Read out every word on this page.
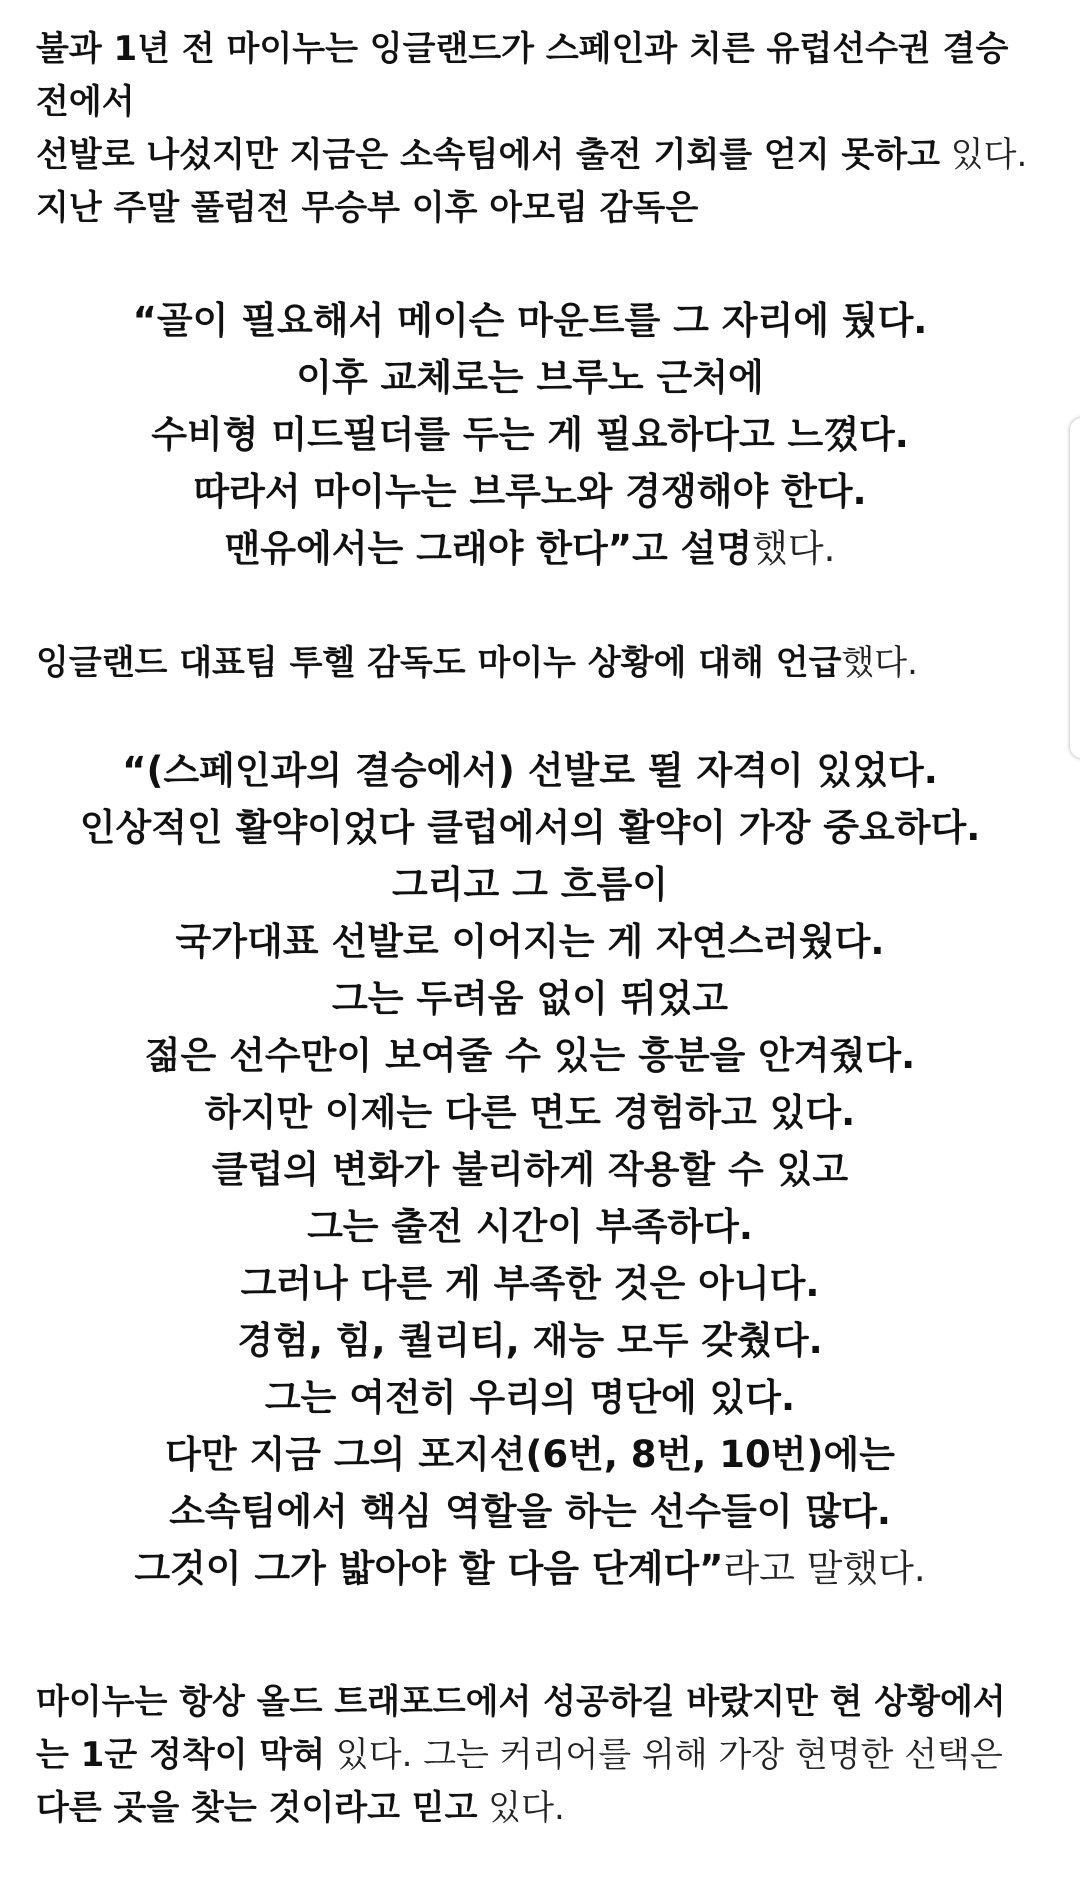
불과 1년 전 마이누는 잉글랜드가 스페인과 치른 유럽선수권 결승
전에서
선발로 나섰지만 지금은 소속팀에서 출전 기회를 얻지 못하고 있다.
지난 주말 풀럼전 무승부 이후 아모림 감독은
“골이 필요해서 메이슨 마운트를 그 자리에 뒀다.
이후 교체로는 브루노 근처에
수비형 미드필더를 두는 게 필요하다고 느꼈다.
따라서 마이누는 브루노와 경쟁해야 한다.
맨유에서는 그래야 한다”고 설명했다.
잉글랜드 대표팀 투헬 감독도 마이누 상황에 대해 언급했다.
“(스페인과의 결승에서) 선발로 뛸 자격이 있었다.
인상적인 활약이었다 클럽에서의 활약이 가장 중요하다.
그리고 그 흐름이
국가대표 선발로 이어지는 게 자연스러웠다.
그는 두려움 없이 뛰었고
젊은 선수만이 보여줄 수 있는 흥분을 안겨줬다.
하지만 이제는 다른 면도 경험하고 있다.
클럽의 변화가 불리하게 작용할 수 있고
그는 출전 시간이 부족하다.
그러나 다른 게 부족한 것은 아니다.
경험, 힘, 퀄리티, 재능 모두 갖췄다.
그는 여전히 우리의 명단에 있다.
다만 지금 그의 포지션(6번, 8번, 10번)에는
소속팀에서 핵심 역할을 하는 선수들이 많다.
그것이 그가 밟아야 할 다음 단계다”라고 말했다.
마이누는 항상 올드 트래포드에서 성공하길 바랐지만 현 상황에서
는 1군 정착이 막혀 있다. 그는 커리어를 위해 가장 현명한 선택은
다른 곳을 찾는 것이라고 믿고 있다.
